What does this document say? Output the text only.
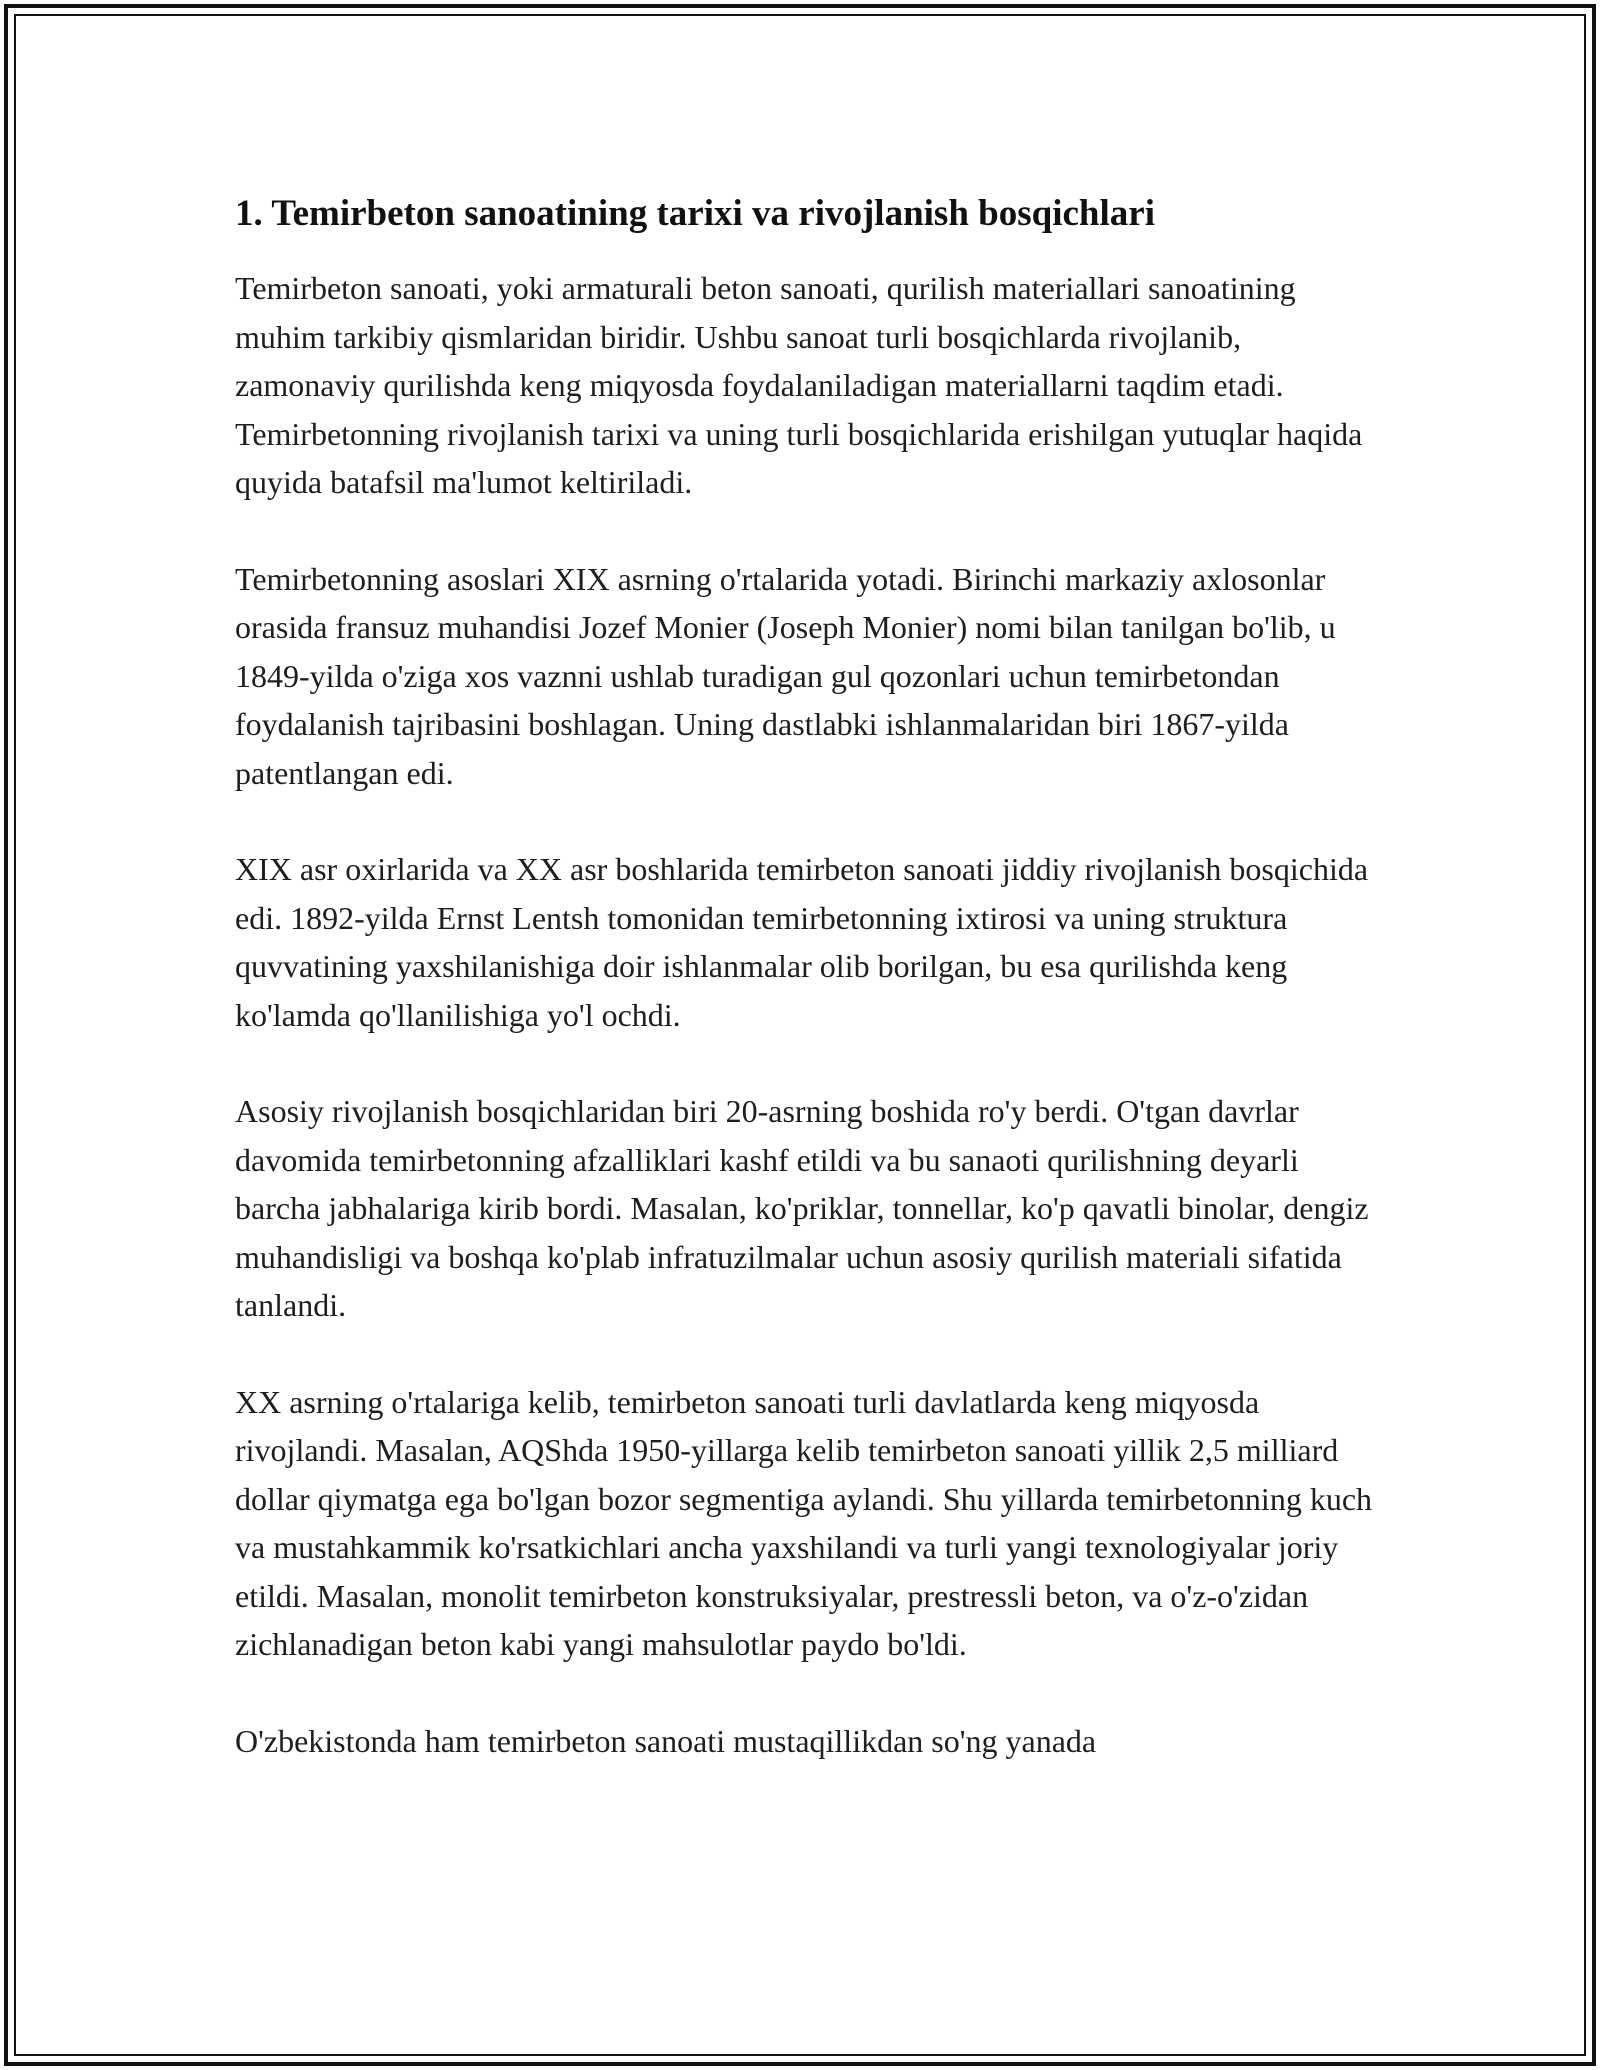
1. Temirbeton sanoatining tarixi va rivojlanish bosqichlari

Temirbeton sanoati, yoki armaturali beton sanoati, qurilish materiallari sanoatining muhim tarkibiy qismlaridan biridir. Ushbu sanoat turli bosqichlarda rivojlanib, zamonaviy qurilishda keng miqyosda foydalaniladigan materiallarni taqdim etadi. Temirbetonning rivojlanish tarixi va uning turli bosqichlarida erishilgan yutuqlar haqida quyida batafsil ma'lumot keltiriladi.

Temirbetonning asoslari XIX asrning o'rtalarida yotadi. Birinchi markaziy axlosonlar orasida fransuz muhandisi Jozef Monier (Joseph Monier) nomi bilan tanilgan bo'lib, u 1849-yilda o'ziga xos vaznni ushlab turadigan gul qozonlari uchun temirbetondan foydalanish tajribasini boshlagan. Uning dastlabki ishlanmalaridan biri 1867-yilda patentlangan edi.

XIX asr oxirlarida va XX asr boshlarida temirbeton sanoati jiddiy rivojlanish bosqichida edi. 1892-yilda Ernst Lentsh tomonidan temirbetonning ixtirosi va uning struktura quvvatining yaxshilanishiga doir ishlanmalar olib borilgan, bu esa qurilishda keng ko'lamda qo'llanilishiga yo'l ochdi.

Asosiy rivojlanish bosqichlaridan biri 20-asrning boshida ro'y berdi. O'tgan davrlar davomida temirbetonning afzalliklari kashf etildi va bu sanaoti qurilishning deyarli barcha jabhalariga kirib bordi. Masalan, ko'priklar, tonnellar, ko'p qavatli binolar, dengiz muhandisligi va boshqa ko'plab infratuzilmalar uchun asosiy qurilish materiali sifatida tanlandi.

XX asrning o'rtalariga kelib, temirbeton sanoati turli davlatlarda keng miqyosda rivojlandi. Masalan, AQShda 1950-yillarga kelib temirbeton sanoati yillik 2,5 milliard dollar qiymatga ega bo'lgan bozor segmentiga aylandi. Shu yillarda temirbetonning kuch va mustahkammik ko'rsatkichlari ancha yaxshilandi va turli yangi texnologiyalar joriy etildi. Masalan, monolit temirbeton konstruksiyalar, prestressli beton, va o'z-o'zidan zichlanadigan beton kabi yangi mahsulotlar paydo bo'ldi.

O'zbekistonda ham temirbeton sanoati mustaqillikdan so'ng yanada
